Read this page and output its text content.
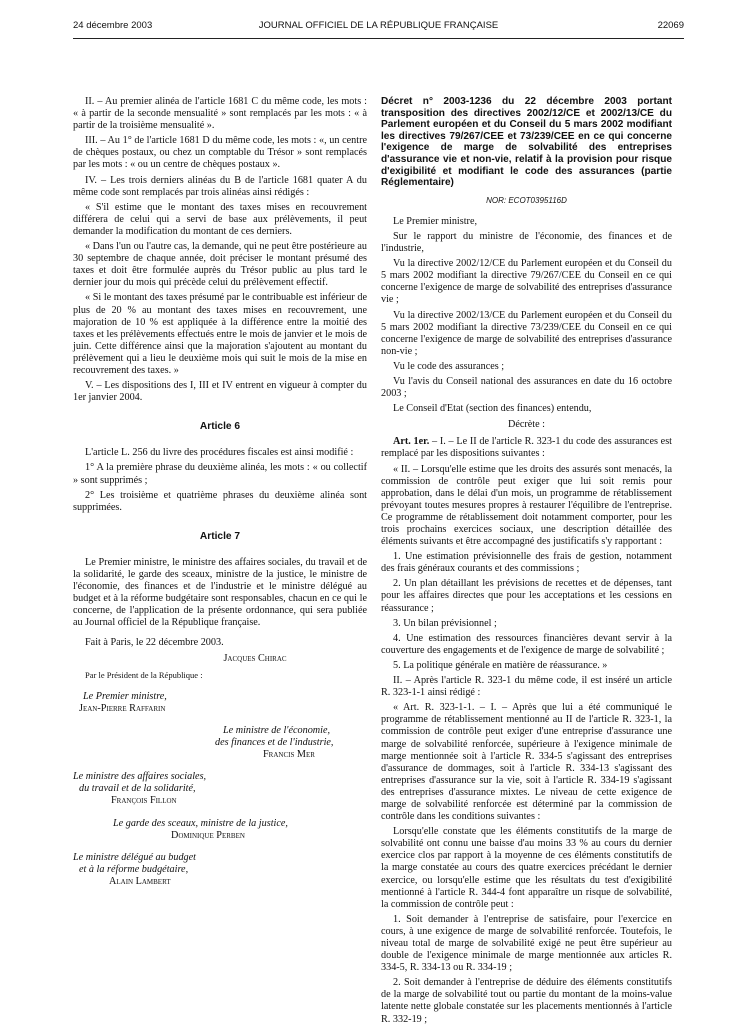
24 décembre 2003	JOURNAL OFFICIEL DE LA RÉPUBLIQUE FRANÇAISE	22069

II. – Au premier alinéa de l'article 1681 C du même code, les mots : « à partir de la seconde mensualité » sont remplacés par les mots : « à partir de la troisième mensualité ».

III. – Au 1° de l'article 1681 D du même code, les mots : «, un centre de chèques postaux, ou chez un comptable du Trésor » sont remplacés par les mots : « ou un centre de chèques postaux ».

IV. – Les trois derniers alinéas du B de l'article 1681 quater A du même code sont remplacés par trois alinéas ainsi rédigés :

« S'il estime que le montant des taxes mises en recouvrement différera de celui qui a servi de base aux prélèvements, il peut demander la modification du montant de ces derniers.

« Dans l'un ou l'autre cas, la demande, qui ne peut être postérieure au 30 septembre de chaque année, doit préciser le montant présumé des taxes et doit être formulée auprès du Trésor public au plus tard le dernier jour du mois qui précède celui du prélèvement effectif.

« Si le montant des taxes présumé par le contribuable est inférieur de plus de 20 % au montant des taxes mises en recouvrement, une majoration de 10 % est appliquée à la différence entre la moitié des taxes et les prélèvements effectués entre le mois de janvier et le mois de juin. Cette différence ainsi que la majoration s'ajoutent au montant du prélèvement qui a lieu le deuxième mois qui suit le mois de la mise en recouvrement des taxes. »

V. – Les dispositions des I, III et IV entrent en vigueur à compter du 1er janvier 2004.

Article 6

L'article L. 256 du livre des procédures fiscales est ainsi modifié :

1° A la première phrase du deuxième alinéa, les mots : « ou collectif » sont supprimés ;

2° Les troisième et quatrième phrases du deuxième alinéa sont supprimées.

Article 7

Le Premier ministre, le ministre des affaires sociales, du travail et de la solidarité, le garde des sceaux, ministre de la justice, le ministre de l'économie, des finances et de l'industrie et le ministre délégué au budget et à la réforme budgétaire sont responsables, chacun en ce qui le concerne, de l'application de la présente ordonnance, qui sera publiée au Journal officiel de la République française.

Fait à Paris, le 22 décembre 2003.

Jacques Chirac
Par le Président de la République :
Le Premier ministre,
Jean-Pierre Raffarin
Le ministre de l'économie,
des finances et de l'industrie,
Francis Mer
Le ministre des affaires sociales,
du travail et de la solidarité,
François Fillon
Le garde des sceaux, ministre de la justice,
Dominique Perben
Le ministre délégué au budget
et à la réforme budgétaire,
Alain Lambert
Décret n° 2003-1236 du 22 décembre 2003 portant transposition des directives 2002/12/CE et 2002/13/CE du Parlement européen et du Conseil du 5 mars 2002 modifiant les directives 79/267/CEE et 73/239/CEE en ce qui concerne l'exigence de marge de solvabilité des entreprises d'assurance vie et non-vie, relatif à la provision pour risque d'exigibilité et modifiant le code des assurances (partie Réglementaire)
NOR: ECOT0395116D

Le Premier ministre,

Sur le rapport du ministre de l'économie, des finances et de l'industrie,

Vu la directive 2002/12/CE du Parlement européen et du Conseil du 5 mars 2002 modifiant la directive 79/267/CEE du Conseil en ce qui concerne l'exigence de marge de solvabilité des entreprises d'assurance vie ;

Vu la directive 2002/13/CE du Parlement européen et du Conseil du 5 mars 2002 modifiant la directive 73/239/CEE du Conseil en ce qui concerne l'exigence de marge de solvabilité des entreprises d'assurance non-vie ;

Vu le code des assurances ;

Vu l'avis du Conseil national des assurances en date du 16 octobre 2003 ;

Le Conseil d'Etat (section des finances) entendu,

Décrète :

Art. 1er. – I. – Le II de l'article R. 323-1 du code des assurances est remplacé par les dispositions suivantes :

« II. – Lorsqu'elle estime que les droits des assurés sont menacés, la commission de contrôle peut exiger que lui soit remis pour approbation, dans le délai d'un mois, un programme de rétablissement prévoyant toutes mesures propres à restaurer l'équilibre de l'entreprise. Ce programme de rétablissement doit notamment comporter, pour les trois prochains exercices sociaux, une description détaillée des éléments suivants et être accompagné des justificatifs s'y rapportant :

1. Une estimation prévisionnelle des frais de gestion, notamment des frais généraux courants et des commissions ;

2. Un plan détaillant les prévisions de recettes et de dépenses, tant pour les affaires directes que pour les acceptations et les cessions en réassurance ;

3. Un bilan prévisionnel ;

4. Une estimation des ressources financières devant servir à la couverture des engagements et de l'exigence de marge de solvabilité ;

5. La politique générale en matière de réassurance. »

II. – Après l'article R. 323-1 du même code, il est inséré un article R. 323-1-1 ainsi rédigé :

« Art. R. 323-1-1. – I. – Après que lui a été communiqué le programme de rétablissement mentionné au II de l'article R. 323-1, la commission de contrôle peut exiger d'une entreprise d'assurance une marge de solvabilité renforcée, supérieure à l'exigence minimale de marge mentionnée soit à l'article R. 334-5 s'agissant des entreprises d'assurance de dommages, soit à l'article R. 334-13 s'agissant des entreprises d'assurance sur la vie, soit à l'article R. 334-19 s'agissant des entreprises d'assurance mixtes. Le niveau de cette exigence de marge de solvabilité renforcée est déterminé par la commission de contrôle dans les conditions suivantes :

Lorsqu'elle constate que les éléments constitutifs de la marge de solvabilité ont connu une baisse d'au moins 33 % au cours du dernier exercice clos par rapport à la moyenne de ces éléments constitutifs de la marge constatée au cours des quatre exercices précédant le dernier exercice, ou lorsqu'elle estime que les résultats du test d'exigibilité mentionné à l'article R. 344-4 font apparaître un risque de solvabilité, la commission de contrôle peut :

1. Soit demander à l'entreprise de satisfaire, pour l'exercice en cours, à une exigence de marge de solvabilité renforcée. Toutefois, le niveau total de marge de solvabilité exigé ne peut être supérieur au double de l'exigence minimale de marge mentionnée aux articles R. 334-5, R. 334-13 ou R. 334-19 ;

2. Soit demander à l'entreprise de déduire des éléments constitutifs de la marge de solvabilité tout ou partie du montant de la moins-value latente nette globale constatée sur les placements mentionnés à l'article R. 332-19 ;
